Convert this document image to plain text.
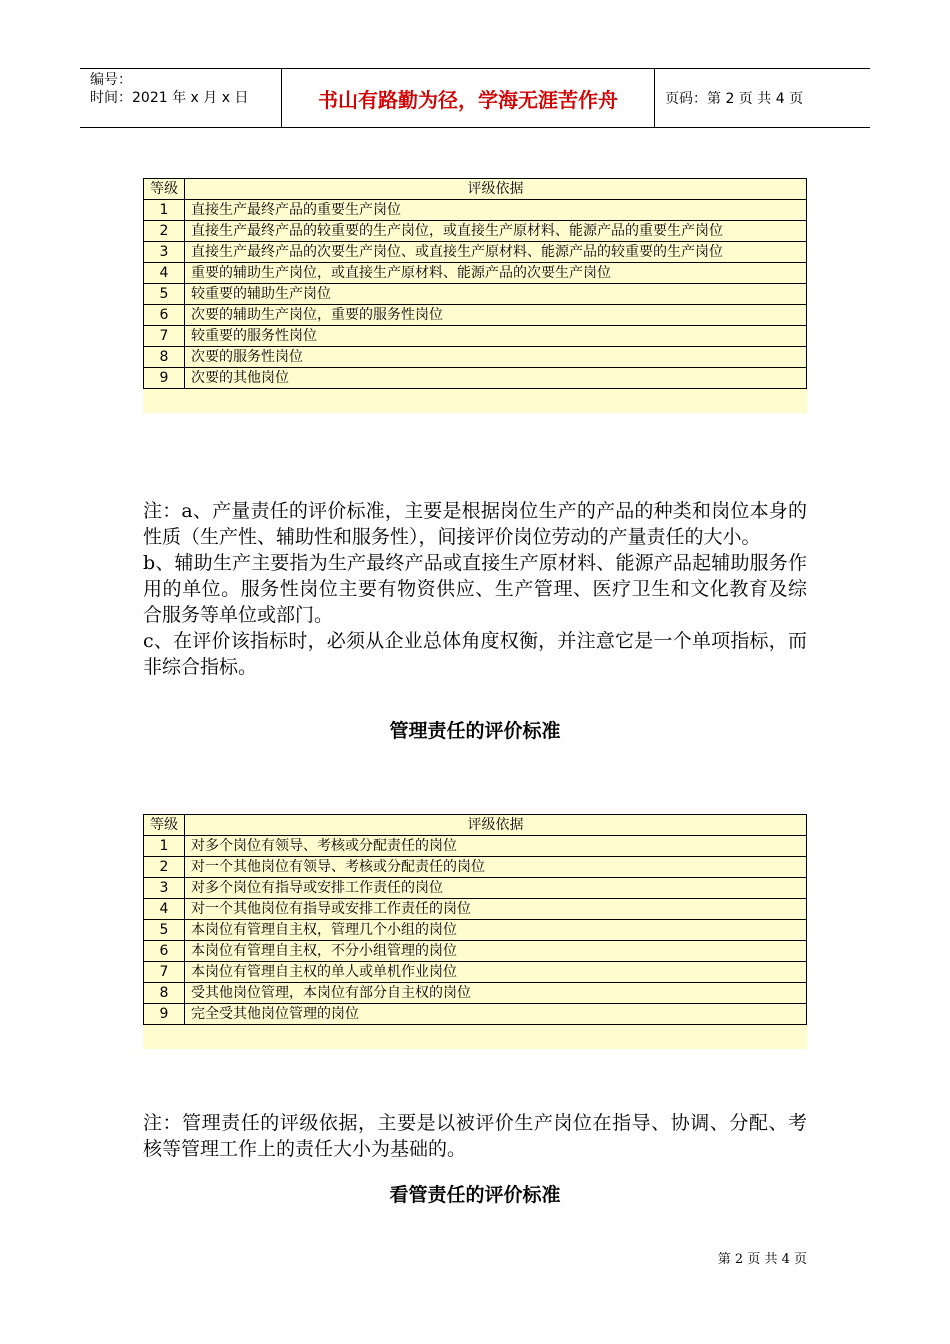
编号：
时间：2021 年 x 月 x 日	书山有路勤为径，学海无涯苦作舟	页码：第 2 页 共 4 页
等级	评级依据
1	直接生产最终产品的重要生产岗位
2	直接生产最终产品的较重要的生产岗位，或直接生产原材料、能源产品的重要生产岗位
3	直接生产最终产品的次要生产岗位、或直接生产原材料、能源产品的较重要的生产岗位
4	重要的辅助生产岗位，或直接生产原材料、能源产品的次要生产岗位
5	较重要的辅助生产岗位
6	次要的辅助生产岗位，重要的服务性岗位
7	较重要的服务性岗位
8	次要的服务性岗位
9	次要的其他岗位

注：a、产量责任的评价标准，主要是根据岗位生产的产品的种类和岗位本身的性质（生产性、辅助性和服务性），间接评价岗位劳动的产量责任的大小。

b、辅助生产主要指为生产最终产品或直接生产原材料、能源产品起辅助服务作用的单位。服务性岗位主要有物资供应、生产管理、医疗卫生和文化教育及综合服务等单位或部门。

c、在评价该指标时，必须从企业总体角度权衡，并注意它是一个单项指标，而非综合指标。

管理责任的评价标准
等级	评级依据
1	对多个岗位有领导、考核或分配责任的岗位
2	对一个其他岗位有领导、考核或分配责任的岗位
3	对多个岗位有指导或安排工作责任的岗位
4	对一个其他岗位有指导或安排工作责任的岗位
5	本岗位有管理自主权，管理几个小组的岗位
6	本岗位有管理自主权，不分小组管理的岗位
7	本岗位有管理自主权的单人或单机作业岗位
8	受其他岗位管理，本岗位有部分自主权的岗位
9	完全受其他岗位管理的岗位

注：管理责任的评级依据，主要是以被评价生产岗位在指导、协调、分配、考核等管理工作上的责任大小为基础的。

看管责任的评价标准
第 2 页 共 4 页
